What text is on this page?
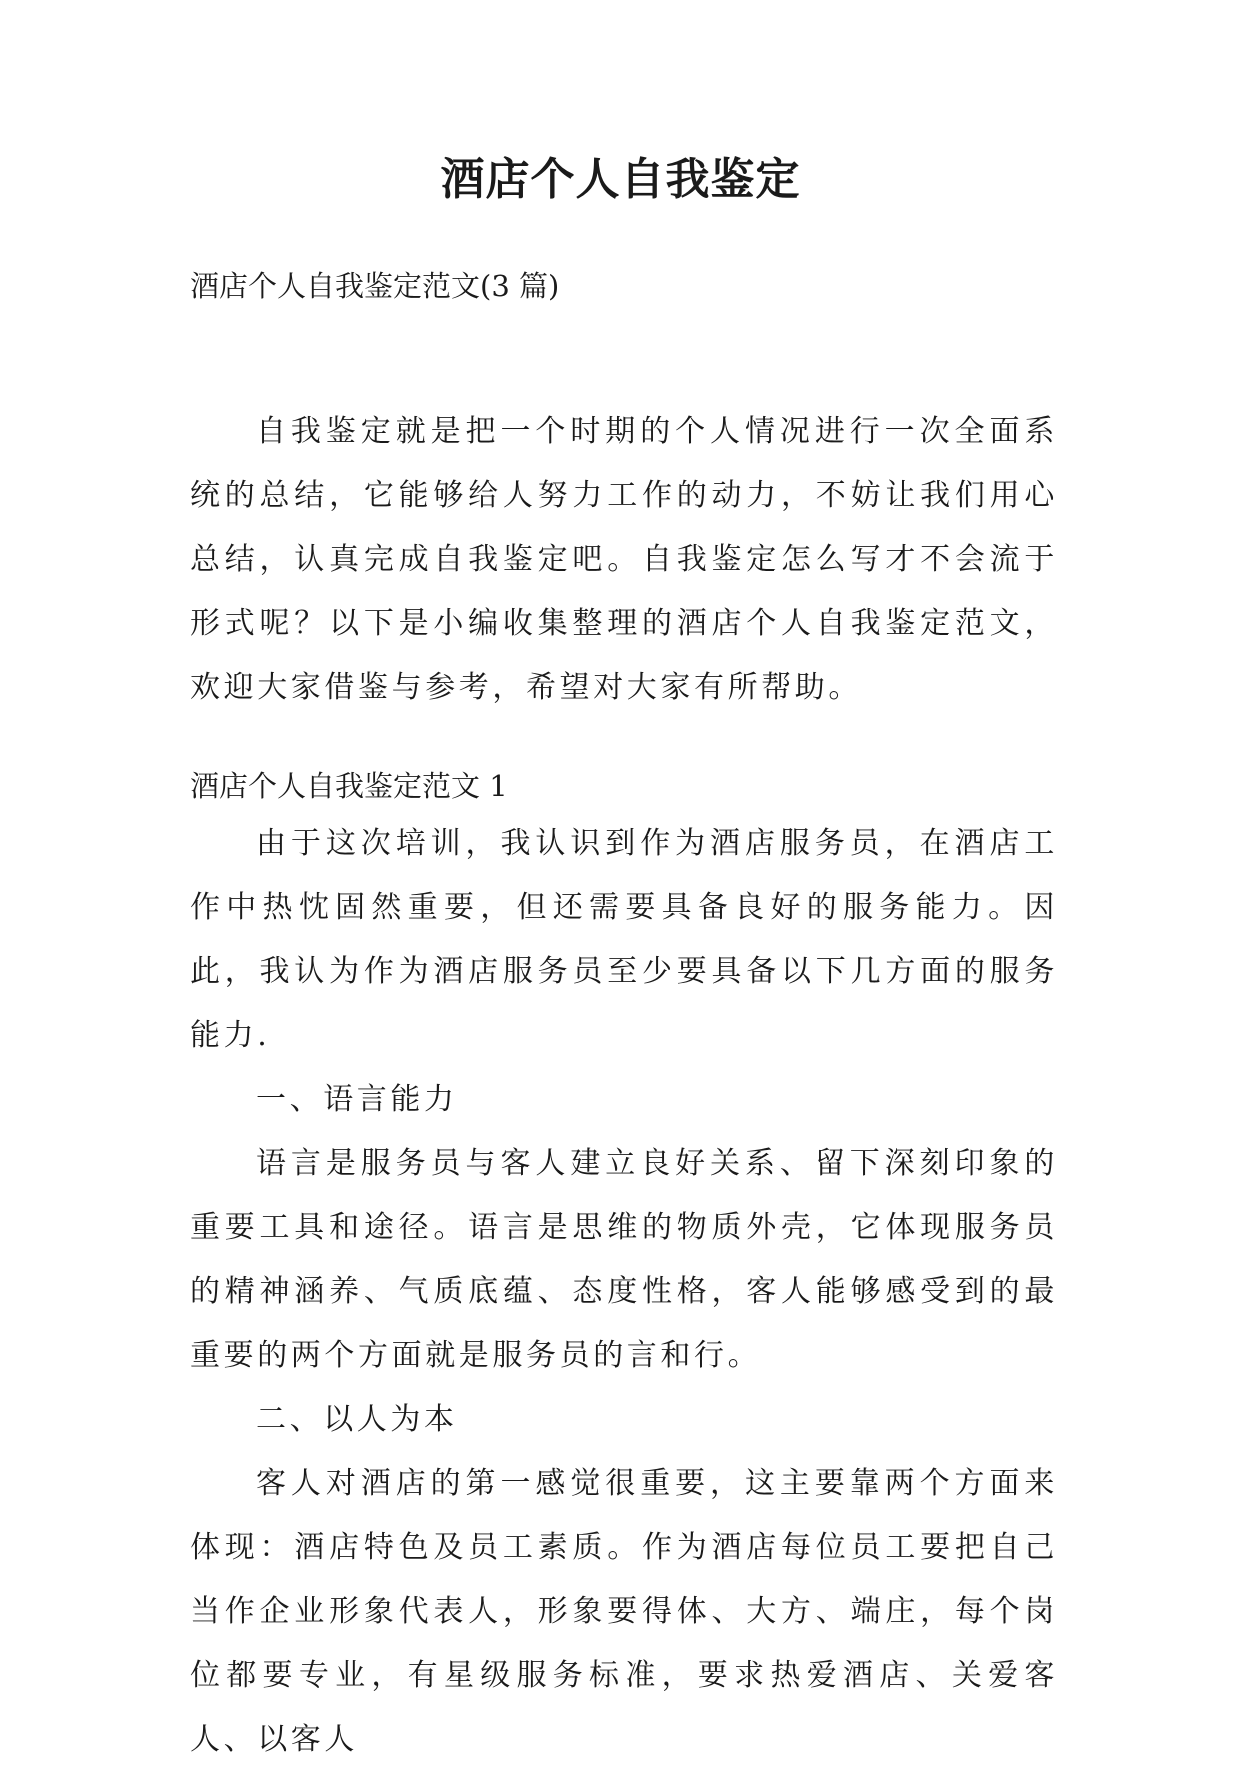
酒店个人自我鉴定
酒店个人自我鉴定范文(3 篇)

自我鉴定就是把一个时期的个人情况进行一次全面系统的总结，它能够给人努力工作的动力，不妨让我们用心总结，认真完成自我鉴定吧。自我鉴定怎么写才不会流于形式呢？以下是小编收集整理的酒店个人自我鉴定范文，欢迎大家借鉴与参考，希望对大家有所帮助。

酒店个人自我鉴定范文 1

由于这次培训，我认识到作为酒店服务员，在酒店工作中热忱固然重要，但还需要具备良好的服务能力。因此，我认为作为酒店服务员至少要具备以下几方面的服务能力.

一、语言能力

语言是服务员与客人建立良好关系、留下深刻印象的重要工具和途径。语言是思维的物质外壳，它体现服务员的精神涵养、气质底蕴、态度性格，客人能够感受到的最重要的两个方面就是服务员的言和行。

二、以人为本

客人对酒店的第一感觉很重要，这主要靠两个方面来体现：酒店特色及员工素质。作为酒店每位员工要把自己当作企业形象代表人，形象要得体、大方、端庄，每个岗位都要专业，有星级服务标准，要求热爱酒店、关爱客人、以客人
